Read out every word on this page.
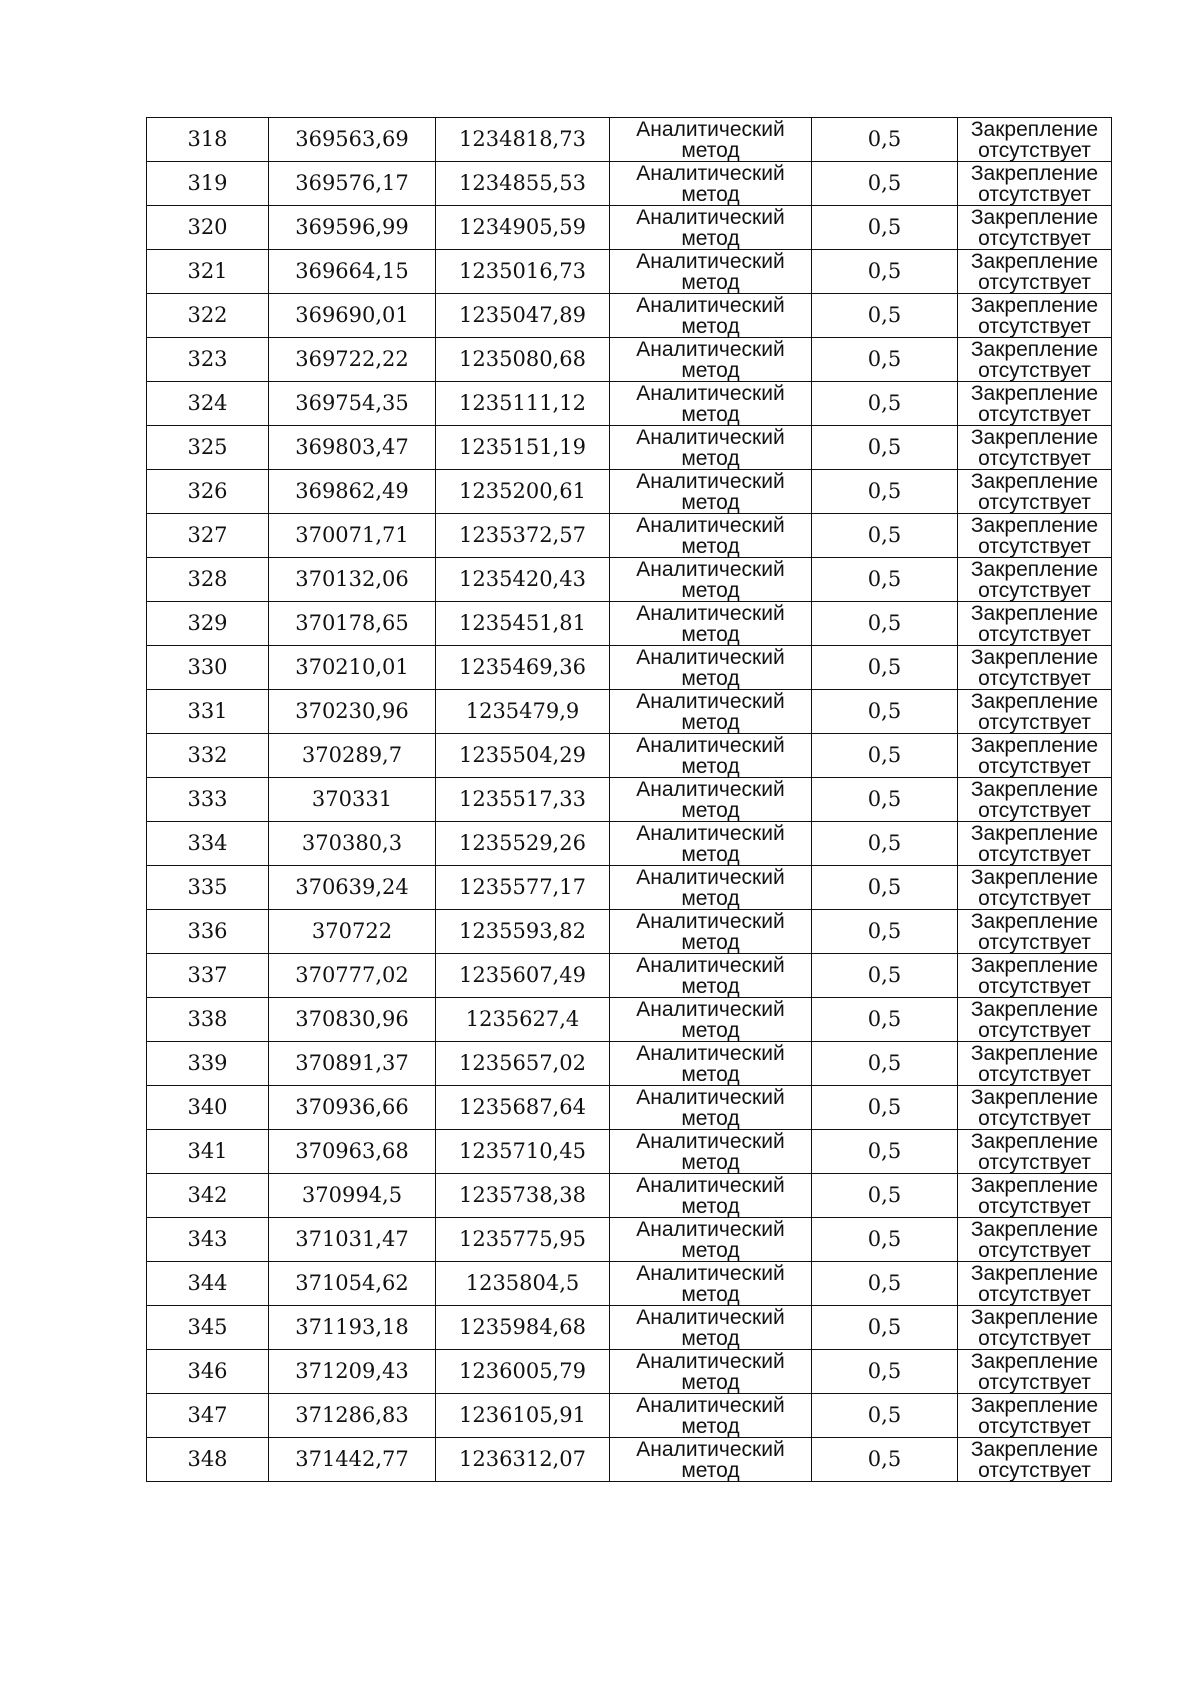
318	369563,69	1234818,73	Аналитический
метод	0,5	Закрепление
отсутствует

319	369576,17	1234855,53	Аналитический
метод	0,5	Закрепление
отсутствует

320	369596,99	1234905,59	Аналитический
метод	0,5	Закрепление
отсутствует

321	369664,15	1235016,73	Аналитический
метод	0,5	Закрепление
отсутствует

322	369690,01	1235047,89	Аналитический
метод	0,5	Закрепление
отсутствует

323	369722,22	1235080,68	Аналитический
метод	0,5	Закрепление
отсутствует

324	369754,35	1235111,12	Аналитический
метод	0,5	Закрепление
отсутствует

325	369803,47	1235151,19	Аналитический
метод	0,5	Закрепление
отсутствует

326	369862,49	1235200,61	Аналитический
метод	0,5	Закрепление
отсутствует

327	370071,71	1235372,57	Аналитический
метод	0,5	Закрепление
отсутствует

328	370132,06	1235420,43	Аналитический
метод	0,5	Закрепление
отсутствует

329	370178,65	1235451,81	Аналитический
метод	0,5	Закрепление
отсутствует

330	370210,01	1235469,36	Аналитический
метод	0,5	Закрепление
отсутствует

331	370230,96	1235479,9	Аналитический
метод	0,5	Закрепление
отсутствует

332	370289,7	1235504,29	Аналитический
метод	0,5	Закрепление
отсутствует

333	370331	1235517,33	Аналитический
метод	0,5	Закрепление
отсутствует

334	370380,3	1235529,26	Аналитический
метод	0,5	Закрепление
отсутствует

335	370639,24	1235577,17	Аналитический
метод	0,5	Закрепление
отсутствует

336	370722	1235593,82	Аналитический
метод	0,5	Закрепление
отсутствует

337	370777,02	1235607,49	Аналитический
метод	0,5	Закрепление
отсутствует

338	370830,96	1235627,4	Аналитический
метод	0,5	Закрепление
отсутствует

339	370891,37	1235657,02	Аналитический
метод	0,5	Закрепление
отсутствует

340	370936,66	1235687,64	Аналитический
метод	0,5	Закрепление
отсутствует

341	370963,68	1235710,45	Аналитический
метод	0,5	Закрепление
отсутствует

342	370994,5	1235738,38	Аналитический
метод	0,5	Закрепление
отсутствует

343	371031,47	1235775,95	Аналитический
метод	0,5	Закрепление
отсутствует

344	371054,62	1235804,5	Аналитический
метод	0,5	Закрепление
отсутствует

345	371193,18	1235984,68	Аналитический
метод	0,5	Закрепление
отсутствует

346	371209,43	1236005,79	Аналитический
метод	0,5	Закрепление
отсутствует

347	371286,83	1236105,91	Аналитический
метод	0,5	Закрепление
отсутствует

348	371442,77	1236312,07	Аналитический
метод	0,5	Закрепление
отсутствует
